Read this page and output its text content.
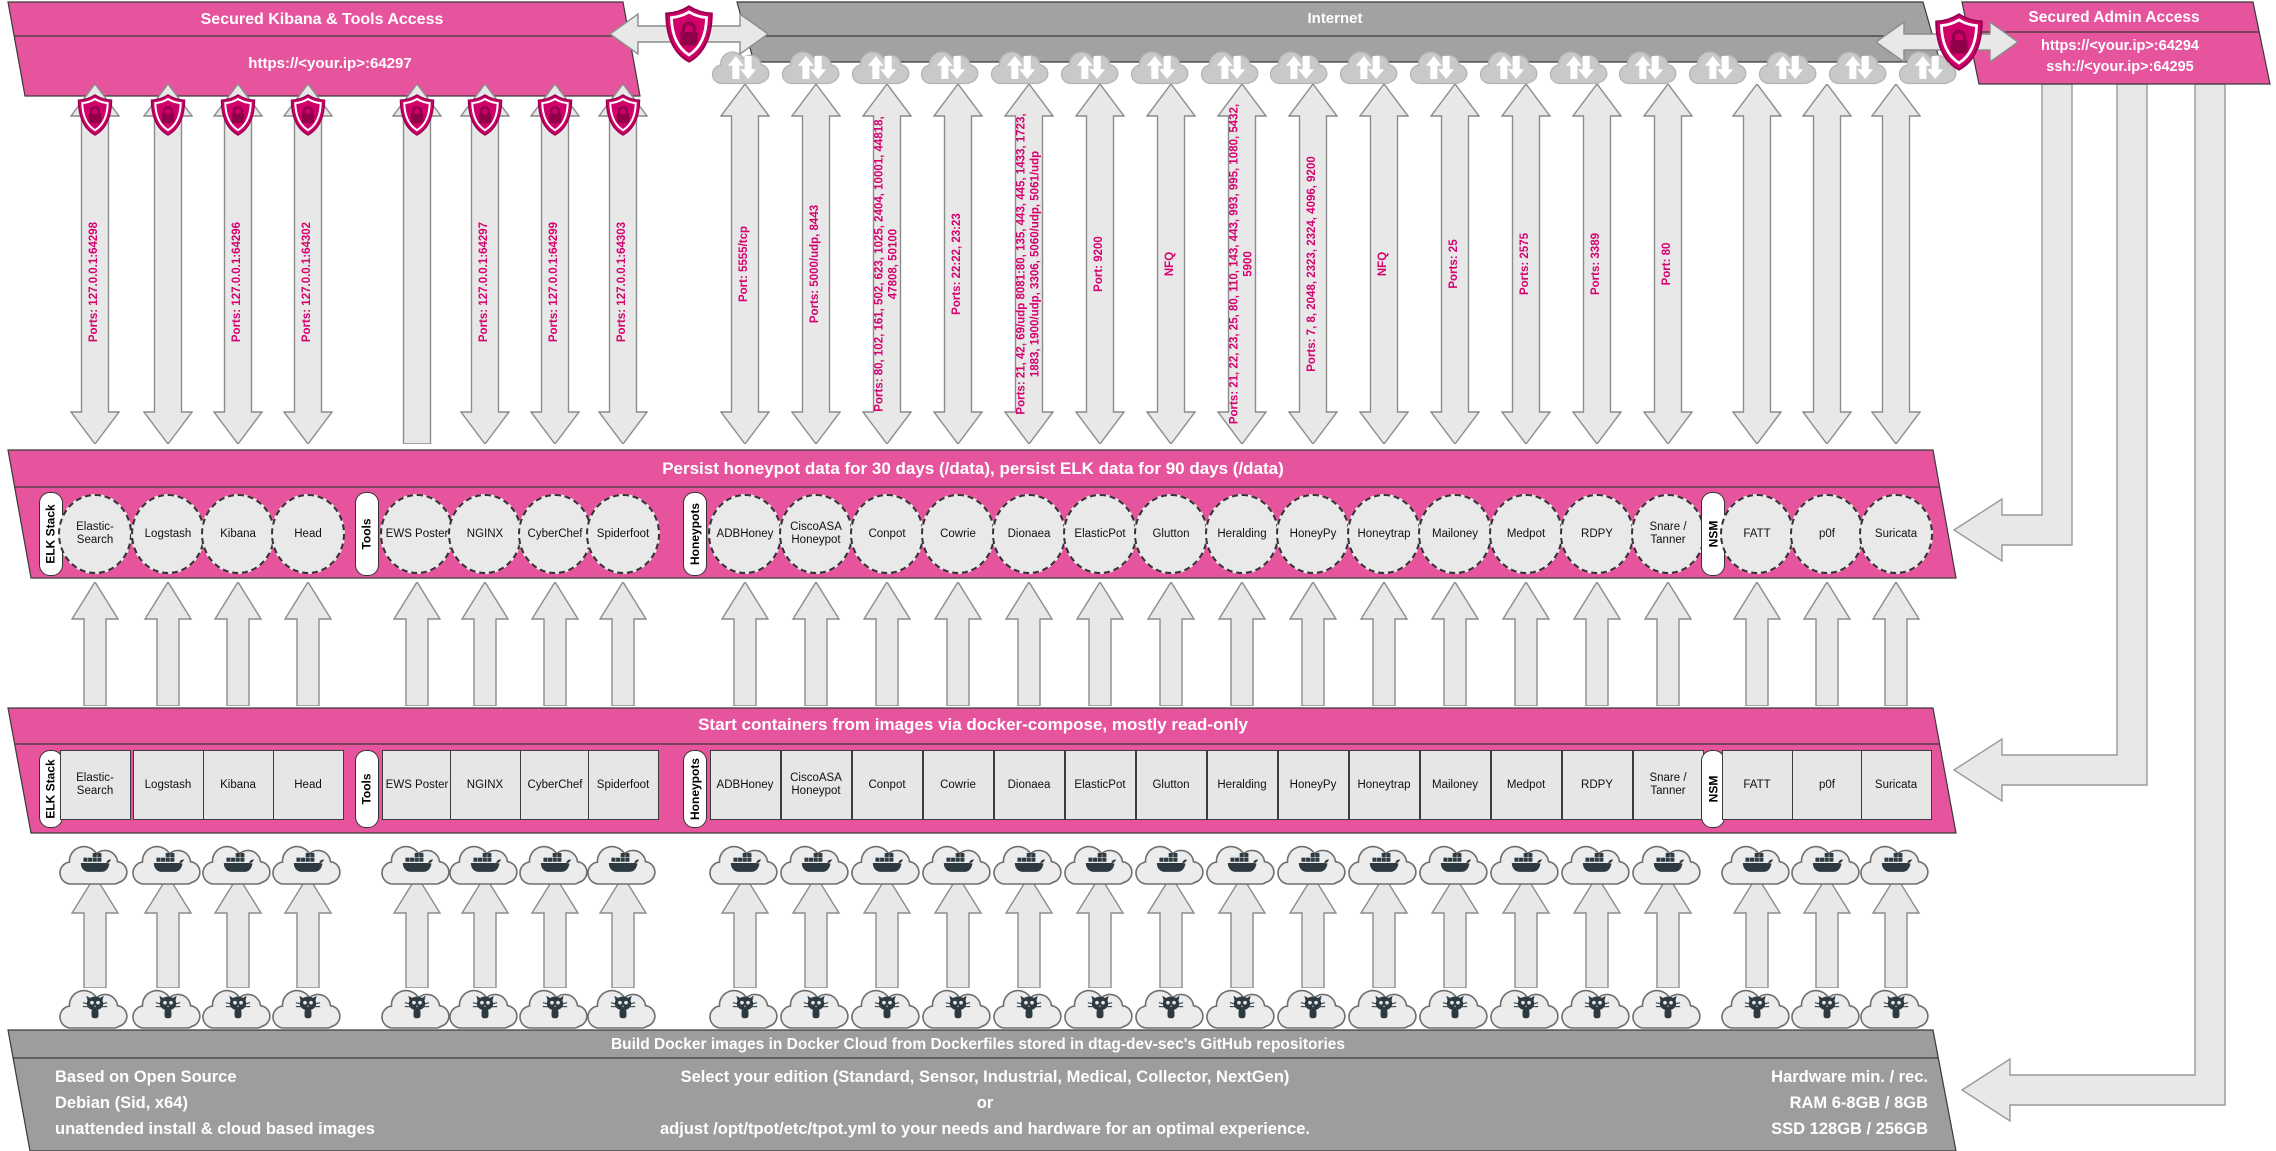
Secured Kibana & Tools Access
https://<your.ip>:64297
Internet	Secured Admin Access
https://<your.ip>:64294
ssh://<your.ip>:64295
Persist honeypot data for 30 days (/data), persist ELK data for 90 days (/data)
Start containers from images via docker-compose, mostly read-only
Build Docker images in Docker Cloud from Dockerfiles stored in dtag-dev-sec's GitHub repositories
Based on Open Source
Debian (Sid, x64)
unattended install & cloud based images
Select your edition (Standard, Sensor, Industrial, Medical, Collector, NextGen)
or
adjust /opt/tpot/etc/tpot.yml to your needs and hardware for an optimal experience.
Hardware min. / rec.
RAM 6-8GB / 8GB
SSD 128GB / 256GB
Ports: 127.0.0.1:64298	Ports: 127.0.0.1:64296	Ports: 127.0.0.1:64302	Ports: 127.0.0.1:64297	Ports: 127.0.0.1:64299	Ports: 127.0.0.1:64303	Port: 5555/tcp	Ports: 5000/udp, 8443	Ports: 80, 102, 161, 502, 623, 1025, 2404, 10001, 44818, 47808, 50100	Ports: 22:22, 23:23	Ports: 21, 42, 69/udp 8081:80, 135, 443, 445, 1433, 1723, 1883, 1900/udp, 3306, 5060/udp, 5061/udp	Port: 9200	NFQ	Ports: 21, 22, 23, 25, 80, 110, 143, 443, 993, 995, 1080, 5432, 5900	Ports: 7, 8, 2048, 2323, 2324, 4096, 9200	NFQ	Ports: 25	Ports: 2575	Ports: 3389	Port: 80
ELK Stack
ELK Stack
Elastic-Search
Elastic-Search
Logstash
Logstash
Kibana
Kibana
Head
Head
Tools
Tools
EWS Poster
EWS Poster
NGINX
NGINX
CyberChef
CyberChef
Spiderfoot
Spiderfoot
Honeypots
Honeypots
ADBHoney
ADBHoney
CiscoASA Honeypot
CiscoASA Honeypot
Conpot
Conpot
Cowrie
Cowrie
Dionaea
Dionaea
ElasticPot
ElasticPot
Glutton
Glutton
Heralding
Heralding
HoneyPy
HoneyPy
Honeytrap
Honeytrap
Mailoney
Mailoney
Medpot
Medpot
RDPY
RDPY
Snare / Tanner
Snare / Tanner
NSM
NSM
FATT
FATT
p0f
p0f
Suricata
Suricata
